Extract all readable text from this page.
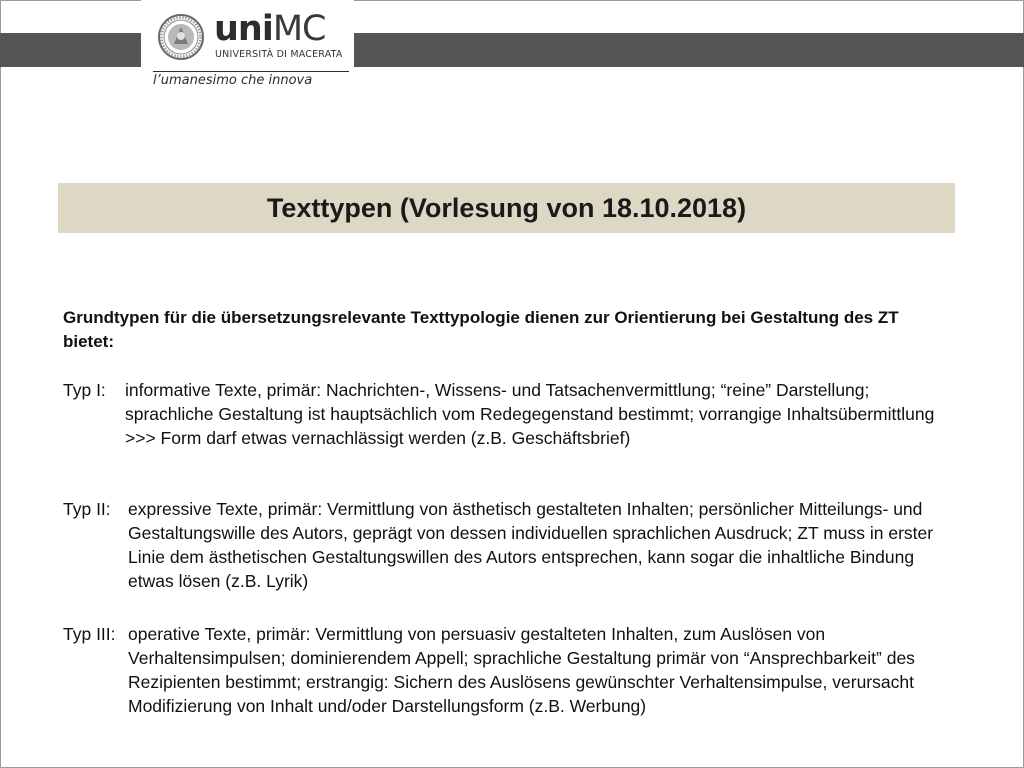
uniMC
UNIVERSITÀ DI MACERATA
l’umanesimo che innova
Texttypen (Vorlesung von 18.10.2018)

Grundtypen für die übersetzungsrelevante Texttypologie dienen zur Orientierung bei Gestaltung des ZT bietet:

Typ I: informative Texte, primär: Nachrichten-, Wissens- und Tatsachenvermittlung; “reine” Darstellung; sprachliche Gestaltung ist hauptsächlich vom Redegegenstand bestimmt; vorrangige Inhaltsübermittlung >>> Form darf etwas vernachlässigt werden (z.B. Geschäftsbrief)

Typ II: expressive Texte, primär: Vermittlung von ästhetisch gestalteten Inhalten; persönlicher Mitteilungs- und Gestaltungswille des Autors, geprägt von dessen individuellen sprachlichen Ausdruck; ZT muss in erster Linie dem ästhetischen Gestaltungswillen des Autors entsprechen, kann sogar die inhaltliche Bindung etwas lösen (z.B. Lyrik)

Typ III: operative Texte, primär: Vermittlung von persuasiv gestalteten Inhalten, zum Auslösen von Verhaltensimpulsen; dominierendem Appell; sprachliche Gestaltung primär von “Ansprechbarkeit” des Rezipienten bestimmt; erstrangig: Sichern des Auslösens gewünschter Verhaltensimpulse, verursacht Modifizierung von Inhalt und/oder Darstellungsform (z.B. Werbung)
